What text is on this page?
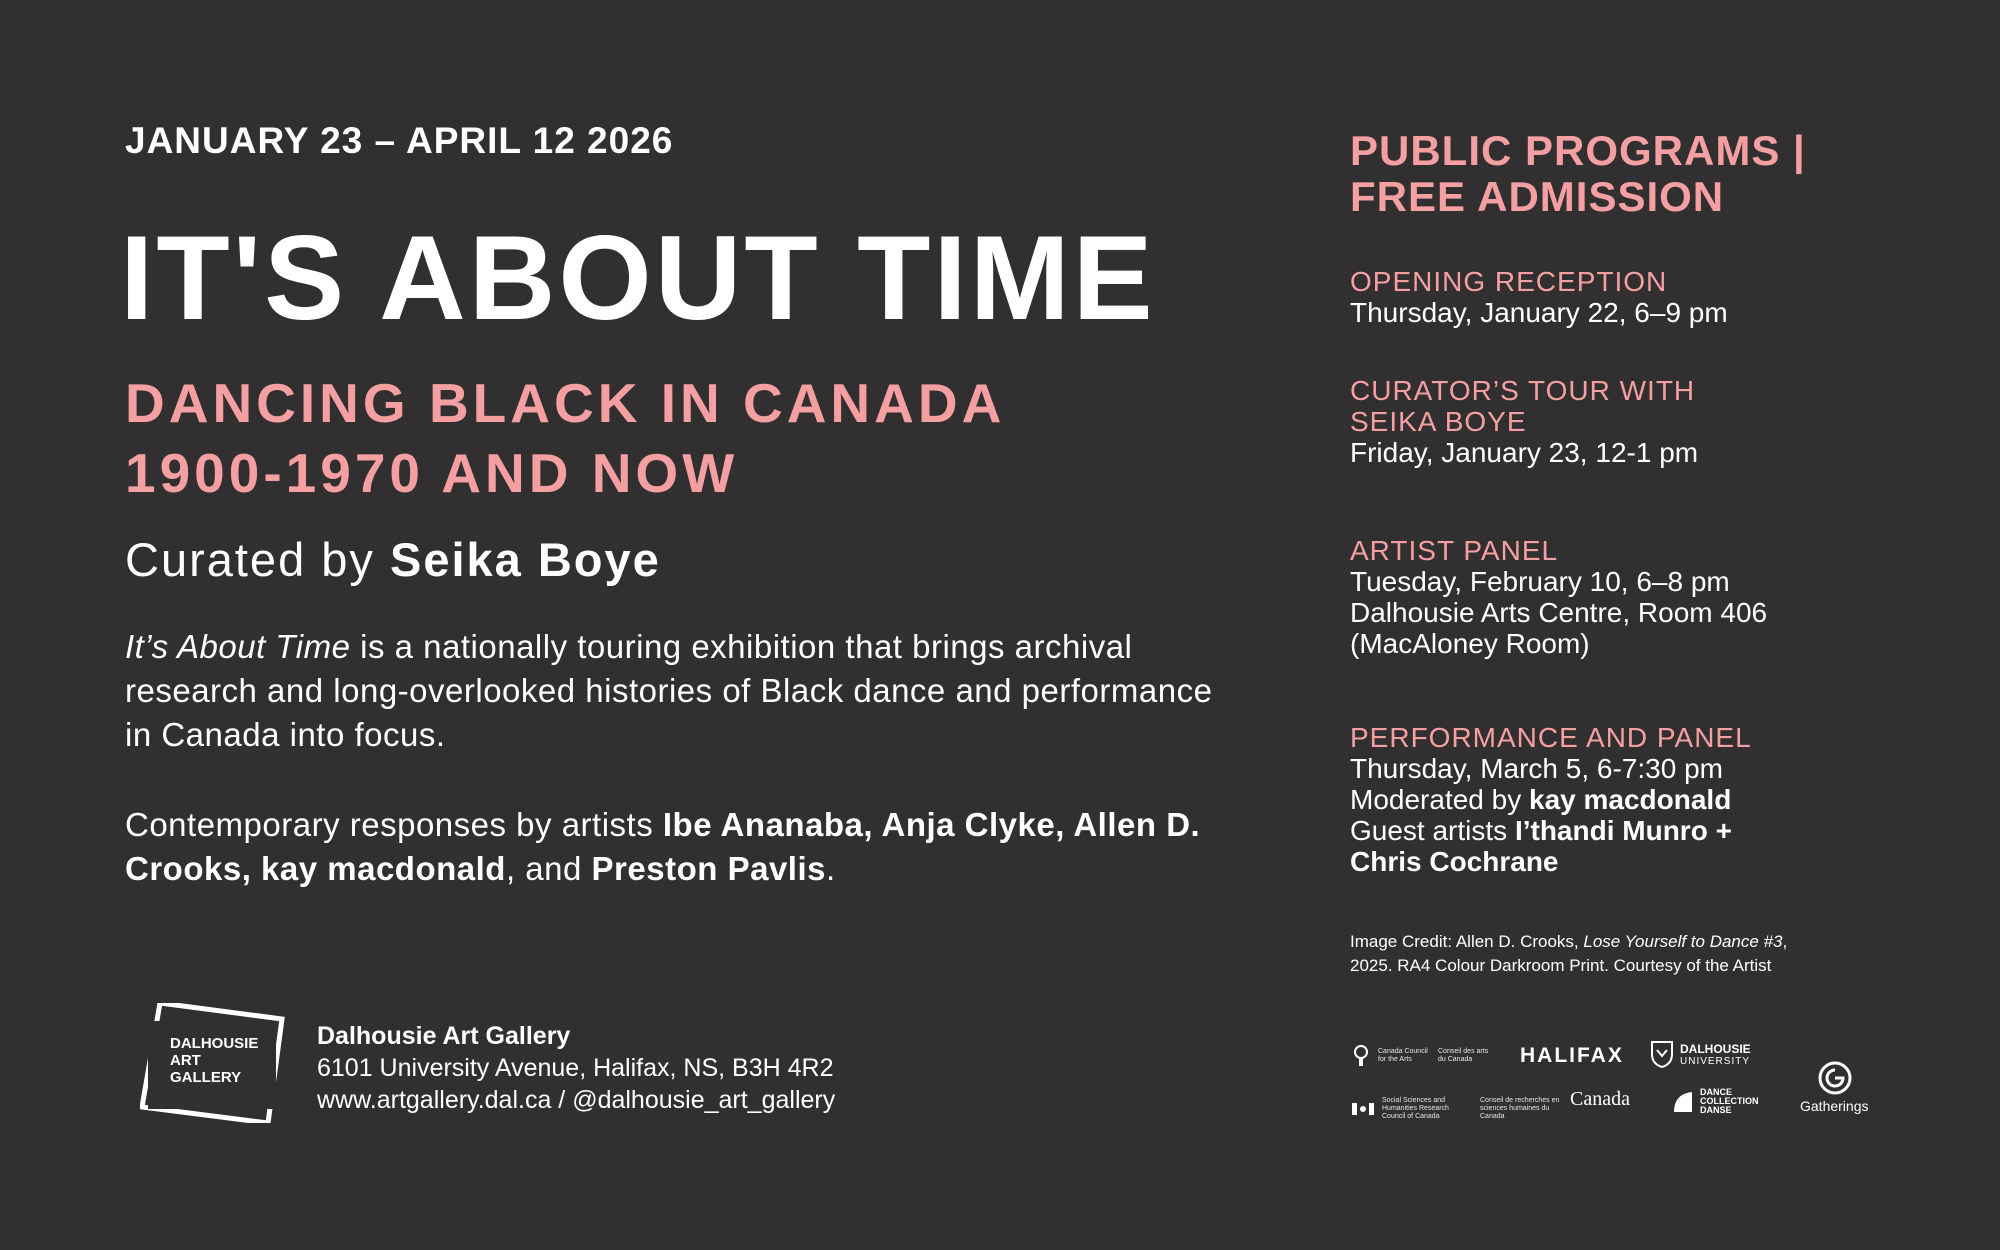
JANUARY 23 – APRIL 12 2026
IT'S ABOUT TIME
DANCING BLACK IN CANADA
1900-1970 AND NOW
Curated by Seika Boye
It’s About Time is a nationally touring exhibition that brings archival research and long-overlooked histories of Black dance and performance in Canada into focus.
Contemporary responses by artists Ibe Ananaba, Anja Clyke, Allen D. Crooks, kay macdonald, and Preston Pavlis.
DALHOUSIE
ART
GALLERY
Dalhousie Art Gallery
6101 University Avenue, Halifax, NS, B3H 4R2
www.artgallery.dal.ca / @dalhousie_art_gallery
PUBLIC PROGRAMS |
FREE ADMISSION
OPENING RECEPTION
Thursday, January 22, 6–9 pm
CURATOR’S TOUR WITH
SEIKA BOYE
Friday, January 23, 12-1 pm
ARTIST PANEL
Tuesday, February 10, 6–8 pm
Dalhousie Arts Centre, Room 406
(MacAloney Room)
PERFORMANCE AND PANEL
Thursday, March 5, 6-7:30 pm
Moderated by kay macdonald
Guest artists I’thandi Munro +
Chris Cochrane
Image Credit: Allen D. Crooks, Lose Yourself to Dance #3,
2025. RA4 Colour Darkroom Print. Courtesy of the Artist
Canada Council for the Arts
Conseil des arts du Canada	HALIFAX	DALHOUSIE
UNIVERSITY
Social Sciences and Humanities Research Council of Canada
Conseil de recherches en sciences humaines du Canada
Canada	DANCE COLLECTION DANSE	Gatherings
